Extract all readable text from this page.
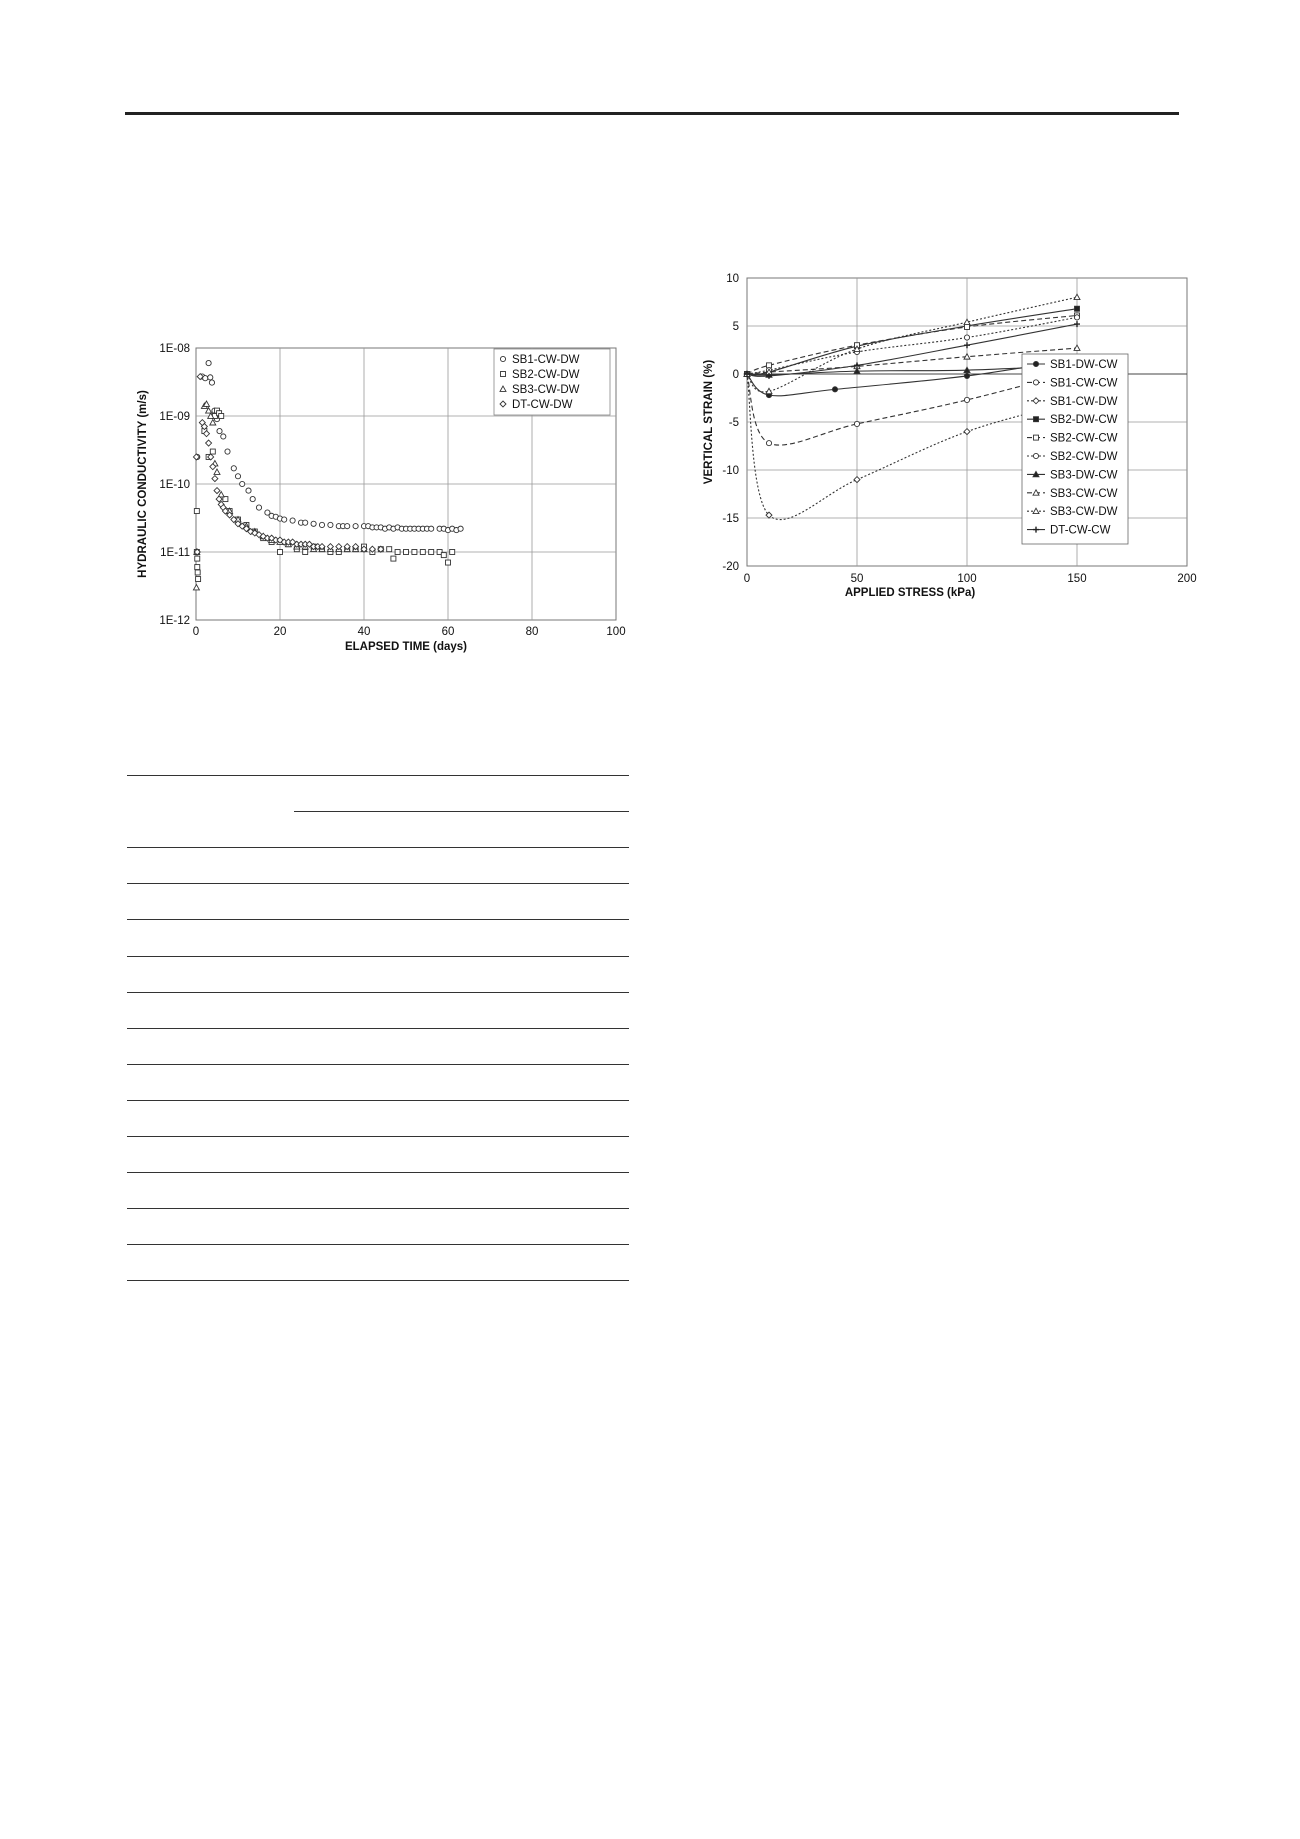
0	20	40	60	80	100
1E-12
1E-11
1E-10
1E-09
1E-08
ELAPSED TIME (days)
HYDRAULIC CONDUCTIVITY (m/s)
SB1-CW-DW
SB2-CW-DW
SB3-CW-DW
DT-CW-DW
0	50	100	150	200
10
5
0
-5
-10
-15
-20
APPLIED STRESS (kPa)
VERTICAL STRAIN (%)	SB1-DW-CW
SB1-CW-CW
SB1-CW-DW
SB2-DW-CW
SB2-CW-CW
SB2-CW-DW
SB3-DW-CW
SB3-CW-CW
SB3-CW-DW
DT-CW-CW
